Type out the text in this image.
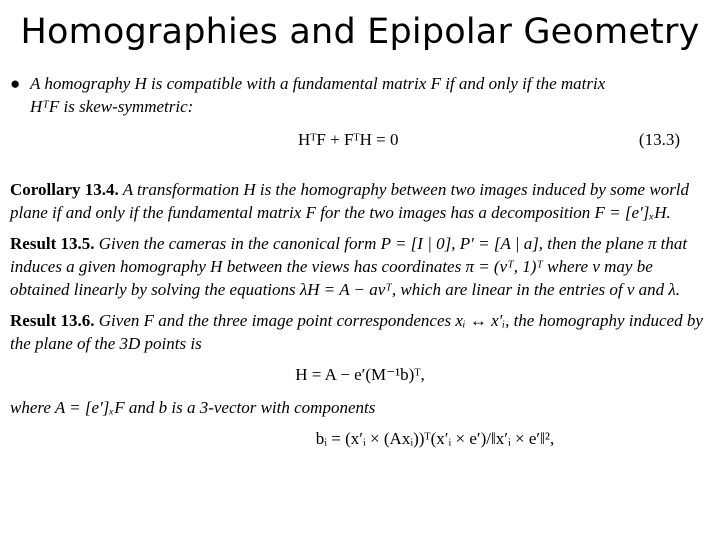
Homographies and Epipolar Geometry
● A homography H is compatible with a fundamental matrix F if and only if the matrix
HᵀF is skew-symmetric:
HᵀF + FᵀH = 0	(13.3)
Corollary 13.4. A transformation H is the homography between two images induced by some world plane if and only if the fundamental matrix F for the two images has a decomposition F = [e′]ₓH.
Result 13.5. Given the cameras in the canonical form P = [I | 0], P′ = [A | a], then the plane π that induces a given homography H between the views has coordinates π = (vᵀ, 1)ᵀ where v may be obtained linearly by solving the equations λH = A − avᵀ, which are linear in the entries of v and λ.
Result 13.6. Given F and the three image point correspondences xᵢ ↔ x′ᵢ, the homography induced by the plane of the 3D points is
H = A − e′(M⁻¹b)ᵀ,
where A = [e′]ₓF and b is a 3-vector with components
bᵢ = (x′ᵢ × (Axᵢ))ᵀ(x′ᵢ × e′)/‖x′ᵢ × e′‖²,
